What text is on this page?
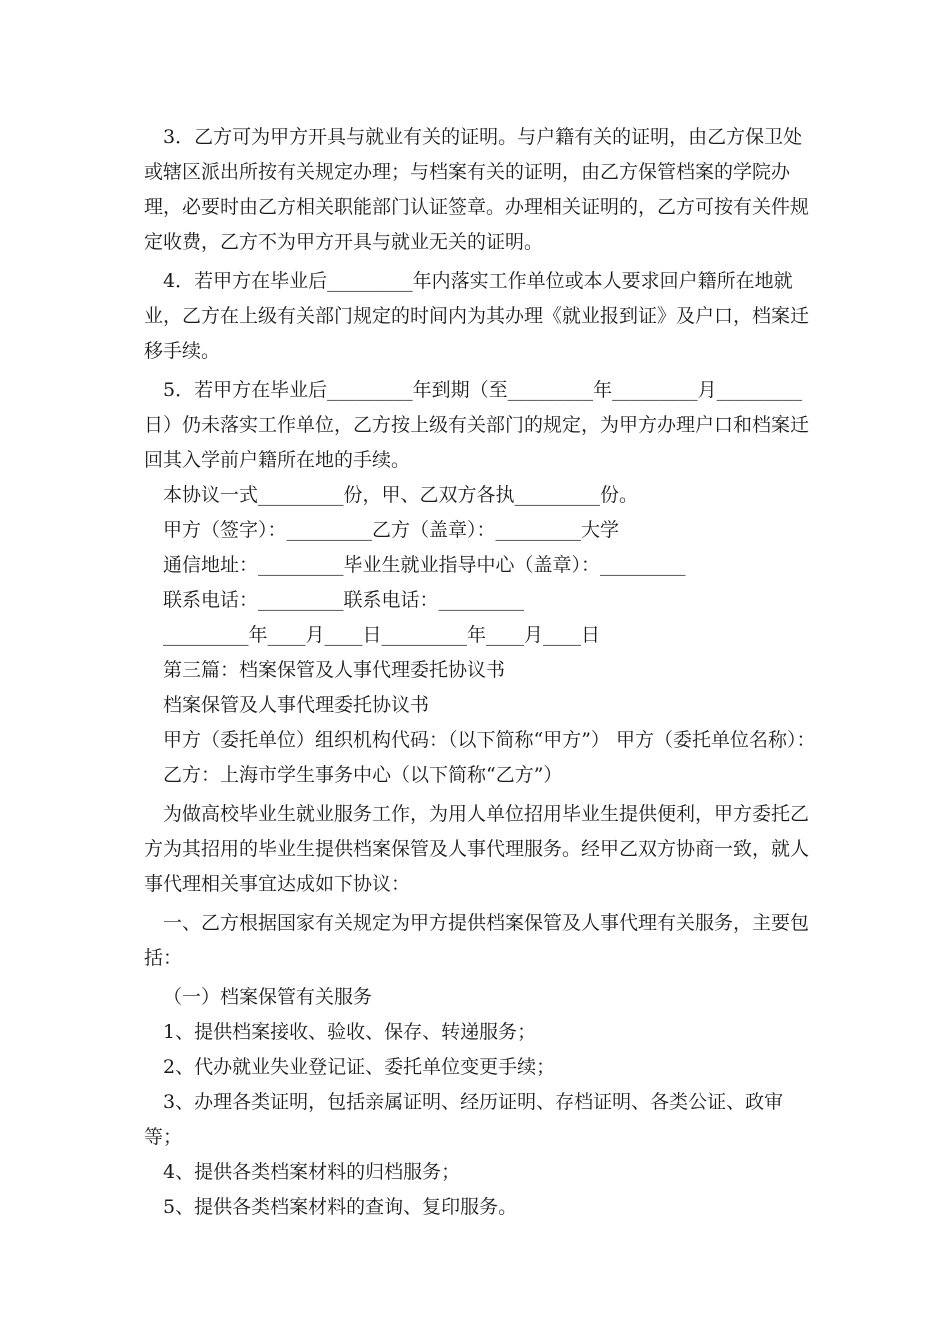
3．乙方可为甲方开具与就业有关的证明。与户籍有关的证明，由乙方保卫处或辖区派出所按有关规定办理；与档案有关的证明，由乙方保管档案的学院办理，必要时由乙方相关职能部门认证签章。办理相关证明的，乙方可按有关件规定收费，乙方不为甲方开具与就业无关的证明。

4．若甲方在毕业后_________年内落实工作单位或本人要求回户籍所在地就业，乙方在上级有关部门规定的时间内为其办理《就业报到证》及户口，档案迁移手续。

5．若甲方在毕业后_________年到期（至_________年_________月_________日）仍未落实工作单位，乙方按上级有关部门的规定，为甲方办理户口和档案迁回其入学前户籍所在地的手续。

本协议一式_________份，甲、乙双方各执_________份。

甲方（签字）：_________乙方（盖章）：_________大学

通信地址：_________毕业生就业指导中心（盖章）：_________

联系电话：_________联系电话：_________

_________年____月____日_________年____月____日

第三篇：档案保管及人事代理委托协议书

档案保管及人事代理委托协议书

甲方（委托单位）组织机构代码：（以下简称“甲方”） 甲方（委托单位名称）：

乙方：上海市学生事务中心（以下简称“乙方”）

为做高校毕业生就业服务工作，为用人单位招用毕业生提供便利，甲方委托乙方为其招用的毕业生提供档案保管及人事代理服务。经甲乙双方协商一致，就人事代理相关事宜达成如下协议：

一、乙方根据国家有关规定为甲方提供档案保管及人事代理有关服务，主要包括：

（一）档案保管有关服务

1、提供档案接收、验收、保存、转递服务；

2、代办就业失业登记证、委托单位变更手续；

3、办理各类证明，包括亲属证明、经历证明、存档证明、各类公证、政审等；

4、提供各类档案材料的归档服务；

5、提供各类档案材料的查询、复印服务。
